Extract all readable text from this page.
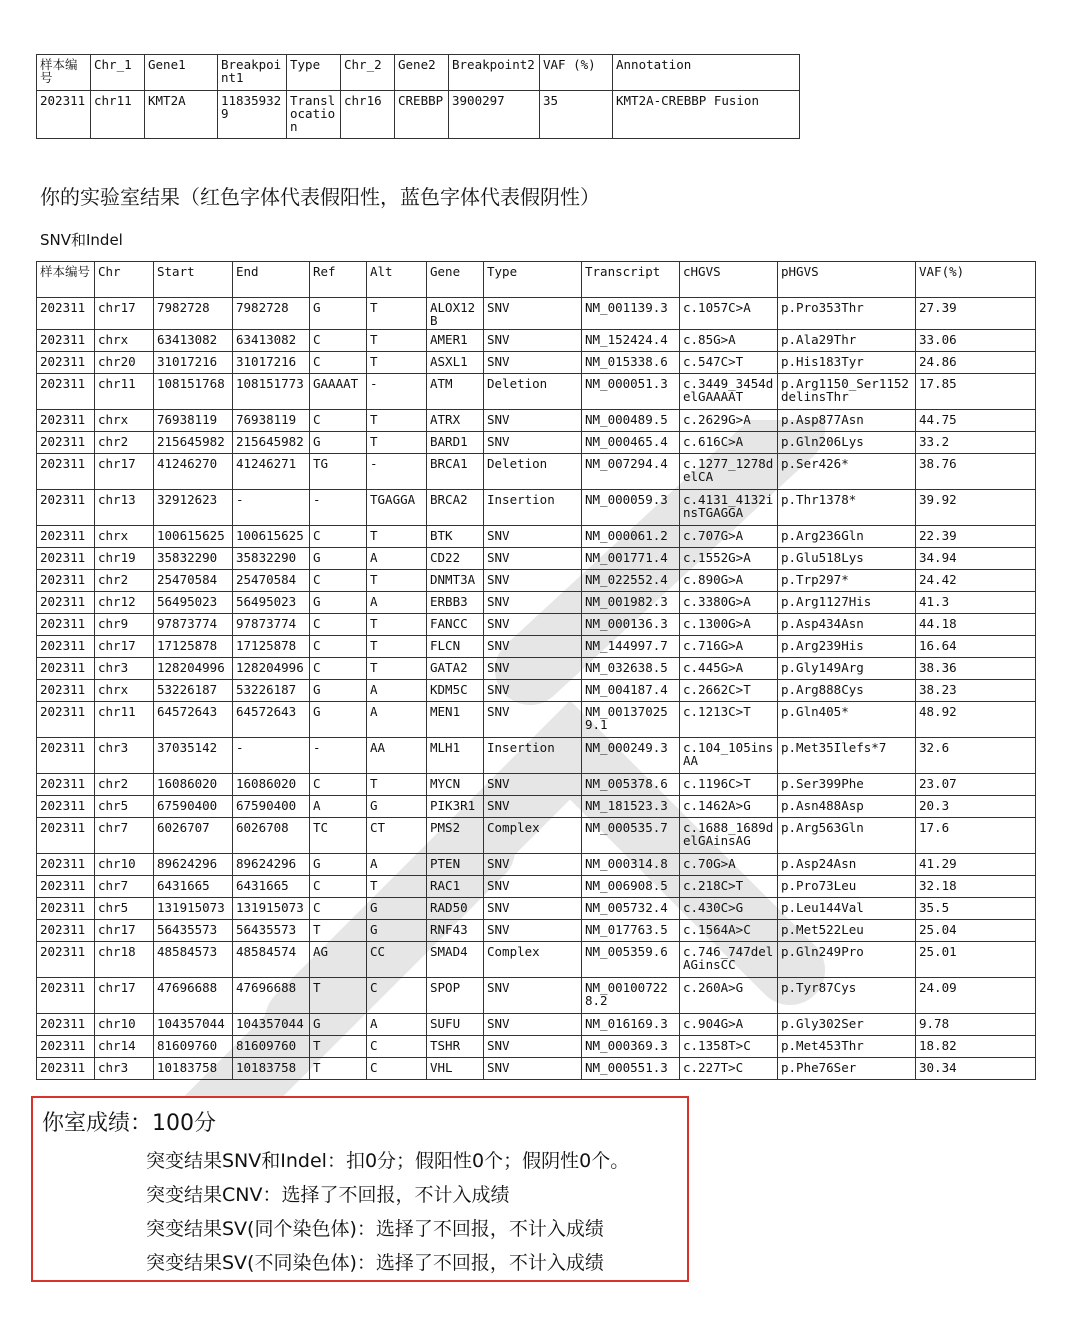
样本编号	Chr_1	Gene1	Breakpoint1	Type	Chr_2	Gene2	Breakpoint2	VAF (%)	Annotation
202311	chr11	KMT2A	118359329	Translocation	chr16	CREBBP	3900297	35	KMT2A-CREBBP Fusion
你的实验室结果（红色字体代表假阳性，蓝色字体代表假阴性）
SNV和Indel
样本编号	Chr	Start	End	Ref	Alt	Gene	Type	Transcript	cHGVS	pHGVS	VAF(%)
202311	chr17	7982728	7982728	G	T	ALOX12B	SNV	NM_001139.3	c.1057C>A	p.Pro353Thr	27.39
202311	chrx	63413082	63413082	C	T	AMER1	SNV	NM_152424.4	c.85G>A	p.Ala29Thr	33.06
202311	chr20	31017216	31017216	C	T	ASXL1	SNV	NM_015338.6	c.547C>T	p.His183Tyr	24.86
202311	chr11	108151768	108151773	GAAAAT	-	ATM	Deletion	NM_000051.3	c.3449_3454delGAAAAT	p.Arg1150_Ser1152delinsThr	17.85
202311	chrx	76938119	76938119	C	T	ATRX	SNV	NM_000489.5	c.2629G>A	p.Asp877Asn	44.75
202311	chr2	215645982	215645982	G	T	BARD1	SNV	NM_000465.4	c.616C>A	p.Gln206Lys	33.2
202311	chr17	41246270	41246271	TG	-	BRCA1	Deletion	NM_007294.4	c.1277_1278delCA	p.Ser426*	38.76
202311	chr13	32912623	-	-	TGAGGA	BRCA2	Insertion	NM_000059.3	c.4131_4132insTGAGGA	p.Thr1378*	39.92
202311	chrx	100615625	100615625	C	T	BTK	SNV	NM_000061.2	c.707G>A	p.Arg236Gln	22.39
202311	chr19	35832290	35832290	G	A	CD22	SNV	NM_001771.4	c.1552G>A	p.Glu518Lys	34.94
202311	chr2	25470584	25470584	C	T	DNMT3A	SNV	NM_022552.4	c.890G>A	p.Trp297*	24.42
202311	chr12	56495023	56495023	G	A	ERBB3	SNV	NM_001982.3	c.3380G>A	p.Arg1127His	41.3
202311	chr9	97873774	97873774	C	T	FANCC	SNV	NM_000136.3	c.1300G>A	p.Asp434Asn	44.18
202311	chr17	17125878	17125878	C	T	FLCN	SNV	NM_144997.7	c.716G>A	p.Arg239His	16.64
202311	chr3	128204996	128204996	C	T	GATA2	SNV	NM_032638.5	c.445G>A	p.Gly149Arg	38.36
202311	chrx	53226187	53226187	G	A	KDM5C	SNV	NM_004187.4	c.2662C>T	p.Arg888Cys	38.23
202311	chr11	64572643	64572643	G	A	MEN1	SNV	NM_001370259.1	c.1213C>T	p.Gln405*	48.92
202311	chr3	37035142	-	-	AA	MLH1	Insertion	NM_000249.3	c.104_105insAA	p.Met35Ilefs*7	32.6
202311	chr2	16086020	16086020	C	T	MYCN	SNV	NM_005378.6	c.1196C>T	p.Ser399Phe	23.07
202311	chr5	67590400	67590400	A	G	PIK3R1	SNV	NM_181523.3	c.1462A>G	p.Asn488Asp	20.3
202311	chr7	6026707	6026708	TC	CT	PMS2	Complex	NM_000535.7	c.1688_1689delGAinsAG	p.Arg563Gln	17.6
202311	chr10	89624296	89624296	G	A	PTEN	SNV	NM_000314.8	c.70G>A	p.Asp24Asn	41.29
202311	chr7	6431665	6431665	C	T	RAC1	SNV	NM_006908.5	c.218C>T	p.Pro73Leu	32.18
202311	chr5	131915073	131915073	C	G	RAD50	SNV	NM_005732.4	c.430C>G	p.Leu144Val	35.5
202311	chr17	56435573	56435573	T	G	RNF43	SNV	NM_017763.5	c.1564A>C	p.Met522Leu	25.04
202311	chr18	48584573	48584574	AG	CC	SMAD4	Complex	NM_005359.6	c.746_747delAGinsCC	p.Gln249Pro	25.01
202311	chr17	47696688	47696688	T	C	SPOP	SNV	NM_001007228.2	c.260A>G	p.Tyr87Cys	24.09
202311	chr10	104357044	104357044	G	A	SUFU	SNV	NM_016169.3	c.904G>A	p.Gly302Ser	9.78
202311	chr14	81609760	81609760	T	C	TSHR	SNV	NM_000369.3	c.1358T>C	p.Met453Thr	18.82
202311	chr3	10183758	10183758	T	C	VHL	SNV	NM_000551.3	c.227T>C	p.Phe76Ser	30.34
你室成绩：100分
突变结果SNV和Indel：扣0分；假阳性0个；假阴性0个。
突变结果CNV：选择了不回报，不计入成绩
突变结果SV(同个染色体)：选择了不回报，不计入成绩
突变结果SV(不同染色体)：选择了不回报，不计入成绩
